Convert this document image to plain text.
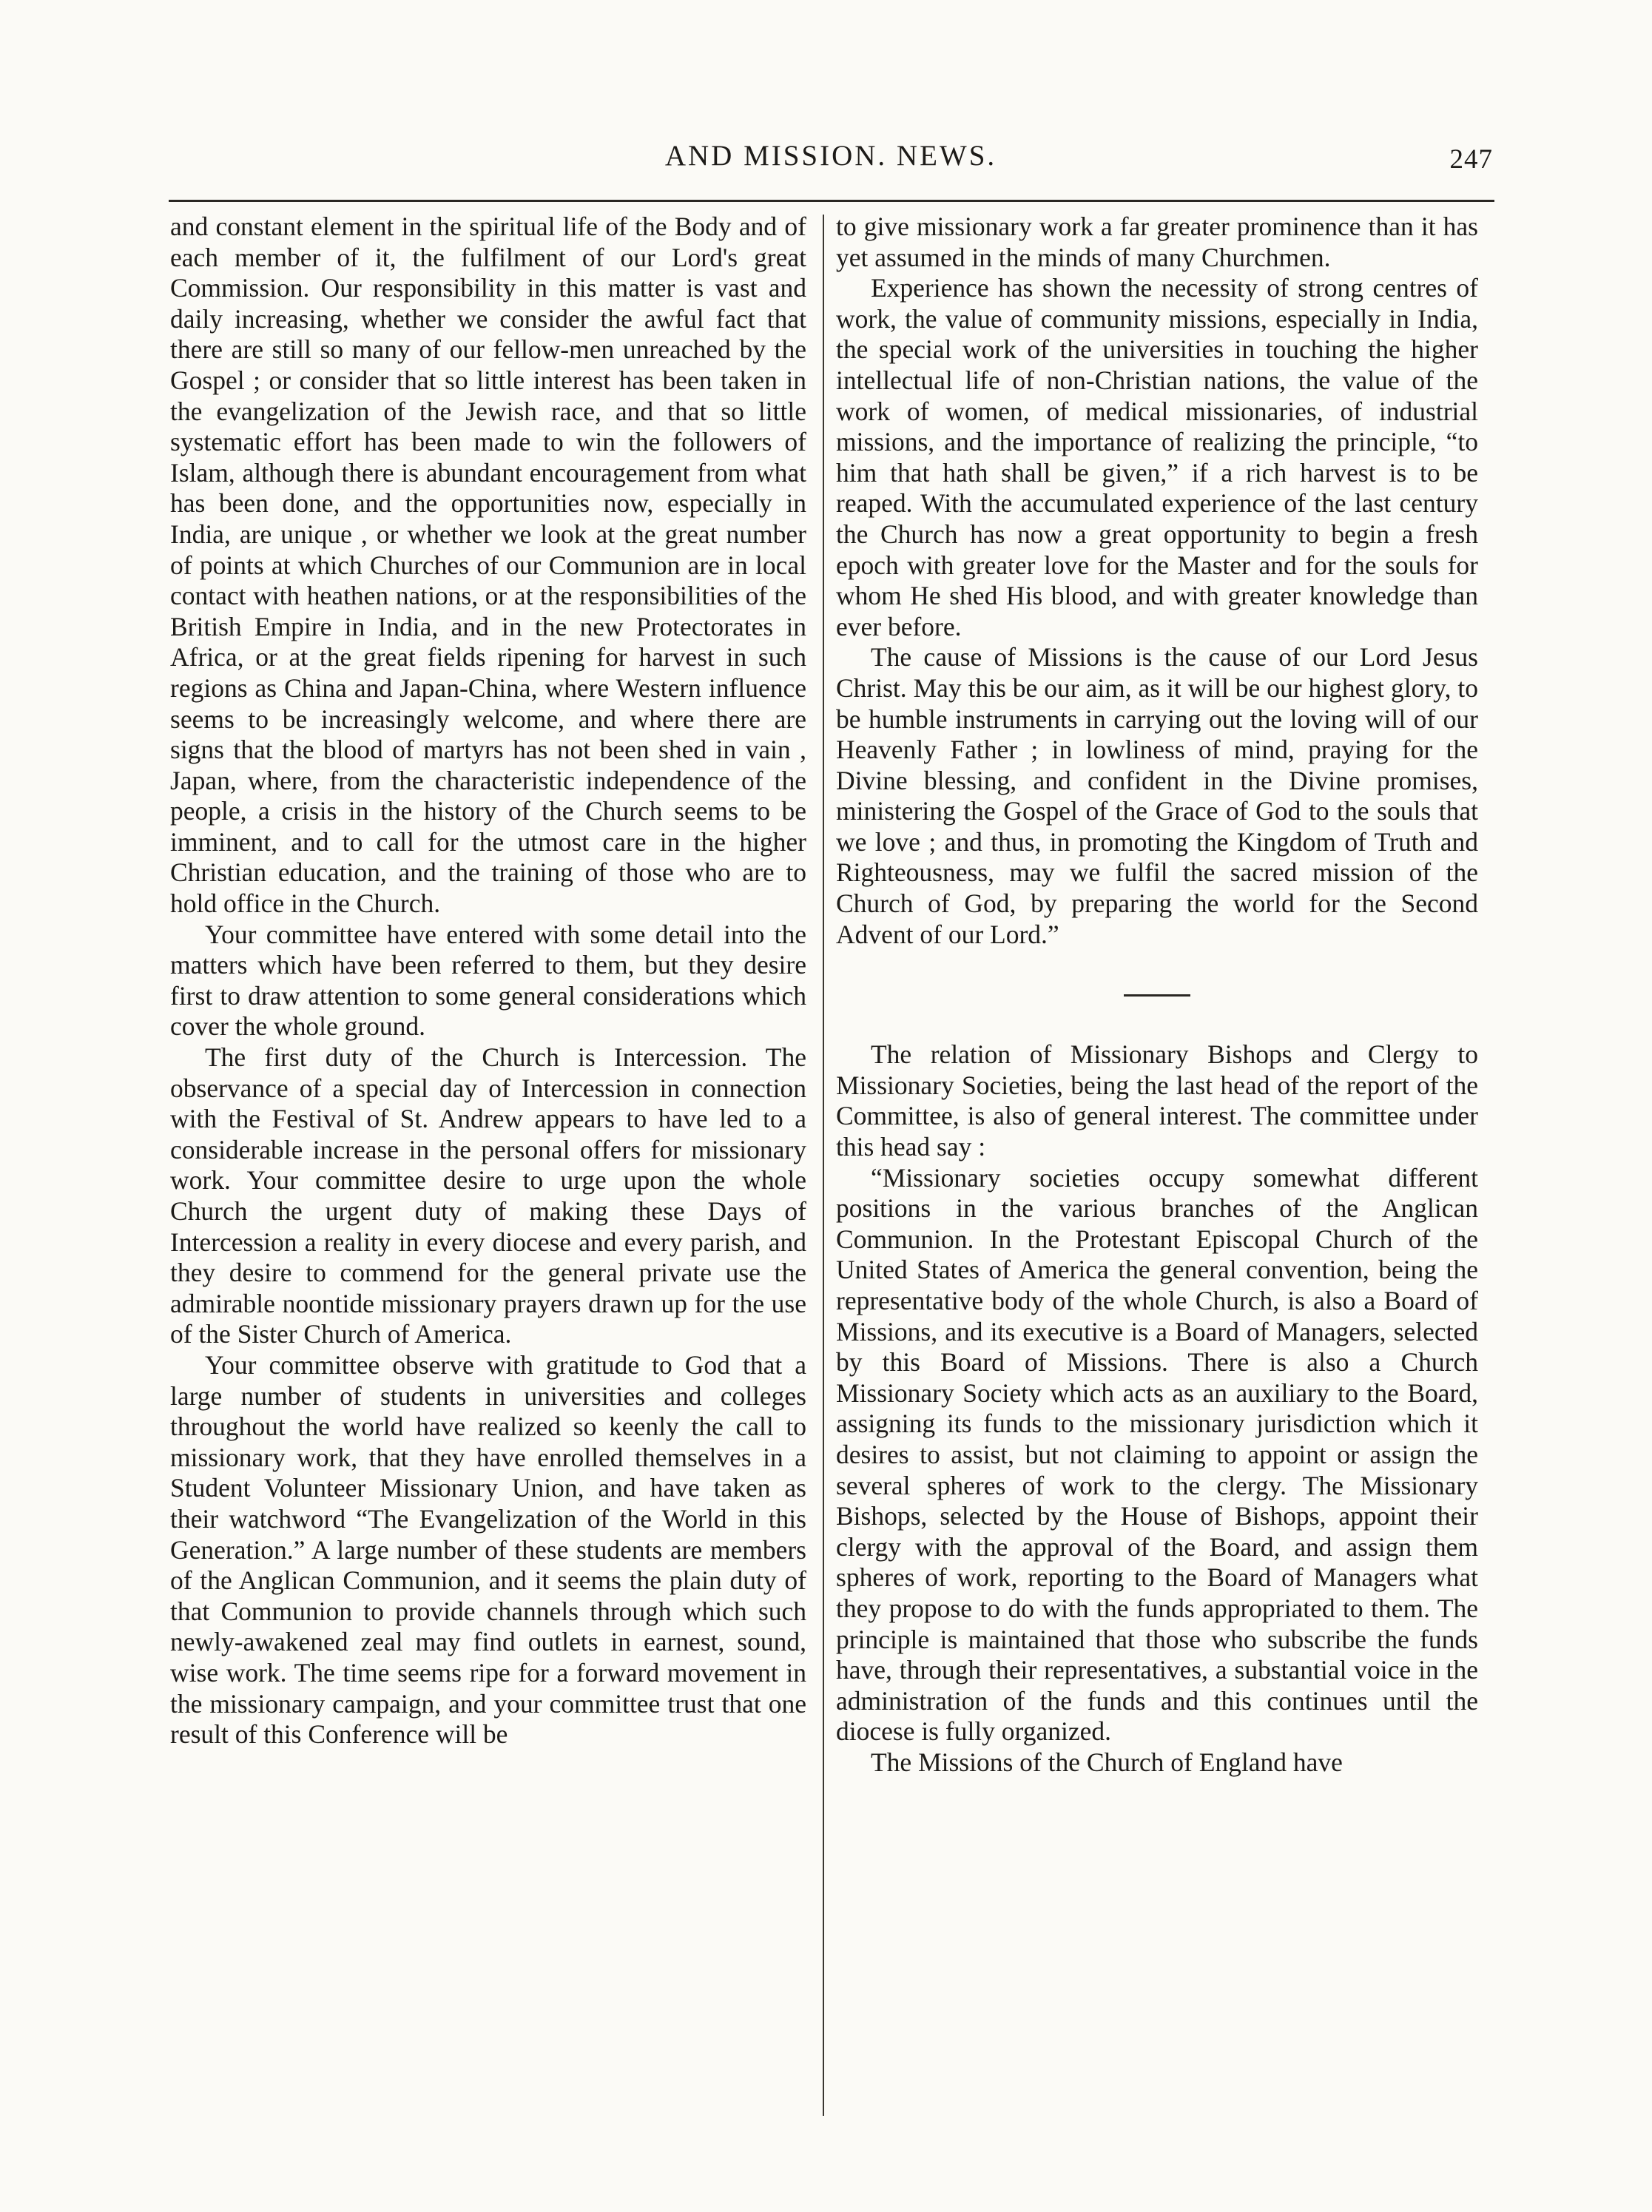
AND MISSION. NEWS.	247

and constant element in the spiritual life of the Body and of each member of it, the fulfilment of our Lord's great Commission. Our responsibility in this matter is vast and daily increasing, whether we consider the awful fact that there are still so many of our fellow-men unreached by the Gospel ; or consider that so little interest has been taken in the evangelization of the Jewish race, and that so little systematic effort has been made to win the followers of Islam, although there is abundant encouragement from what has been done, and the opportunities now, especially in India, are unique , or whether we look at the great number of points at which Churches of our Communion are in local contact with heathen nations, or at the responsibilities of the British Empire in India, and in the new Protectorates in Africa, or at the great fields ripening for harvest in such regions as China and Japan-China, where Western influence seems to be increasingly welcome, and where there are signs that the blood of martyrs has not been shed in vain , Japan, where, from the characteristic independence of the people, a crisis in the history of the Church seems to be imminent, and to call for the utmost care in the higher Christian education, and the training of those who are to hold office in the Church.

Your committee have entered with some detail into the matters which have been referred to them, but they desire first to draw attention to some general considerations which cover the whole ground.

The first duty of the Church is Intercession. The observance of a special day of Intercession in connection with the Festival of St. Andrew appears to have led to a considerable increase in the personal offers for missionary work. Your committee desire to urge upon the whole Church the urgent duty of making these Days of Intercession a reality in every diocese and every parish, and they desire to commend for the general private use the admirable noontide missionary prayers drawn up for the use of the Sister Church of America.

Your committee observe with gratitude to God that a large number of students in universities and colleges throughout the world have realized so keenly the call to missionary work, that they have enrolled themselves in a Student Volunteer Missionary Union, and have taken as their watchword “The Evangelization of the World in this Generation.” A large number of these students are members of the Anglican Communion, and it seems the plain duty of that Communion to provide channels through which such newly-awakened zeal may find outlets in earnest, sound, wise work. The time seems ripe for a forward movement in the missionary campaign, and your committee trust that one result of this Conference will be

to give missionary work a far greater prominence than it has yet assumed in the minds of many Churchmen.

Experience has shown the necessity of strong centres of work, the value of community missions, especially in India, the special work of the universities in touching the higher intellectual life of non-Christian nations, the value of the work of women, of medical missionaries, of industrial missions, and the importance of realizing the principle, “to him that hath shall be given,” if a rich harvest is to be reaped. With the accumulated experience of the last century the Church has now a great opportunity to begin a fresh epoch with greater love for the Master and for the souls for whom He shed His blood, and with greater knowledge than ever before.

The cause of Missions is the cause of our Lord Jesus Christ. May this be our aim, as it will be our highest glory, to be humble instruments in carrying out the loving will of our Heavenly Father ; in lowliness of mind, praying for the Divine blessing, and confident in the Divine promises, ministering the Gospel of the Grace of God to the souls that we love ; and thus, in promoting the Kingdom of Truth and Righteousness, may we fulfil the sacred mission of the Church of God, by preparing the world for the Second Advent of our Lord.”

The relation of Missionary Bishops and Clergy to Missionary Societies, being the last head of the report of the Committee, is also of general interest. The committee under this head say :

“Missionary societies occupy somewhat different positions in the various branches of the Anglican Communion. In the Protestant Episcopal Church of the United States of America the general convention, being the representative body of the whole Church, is also a Board of Missions, and its executive is a Board of Managers, selected by this Board of Missions. There is also a Church Missionary Society which acts as an auxiliary to the Board, assigning its funds to the missionary jurisdiction which it desires to assist, but not claiming to appoint or assign the several spheres of work to the clergy. The Missionary Bishops, selected by the House of Bishops, appoint their clergy with the approval of the Board, and assign them spheres of work, reporting to the Board of Managers what they propose to do with the funds appropriated to them. The principle is maintained that those who subscribe the funds have, through their representatives, a substantial voice in the administration of the funds and this continues until the diocese is fully organized.

The Missions of the Church of England have
